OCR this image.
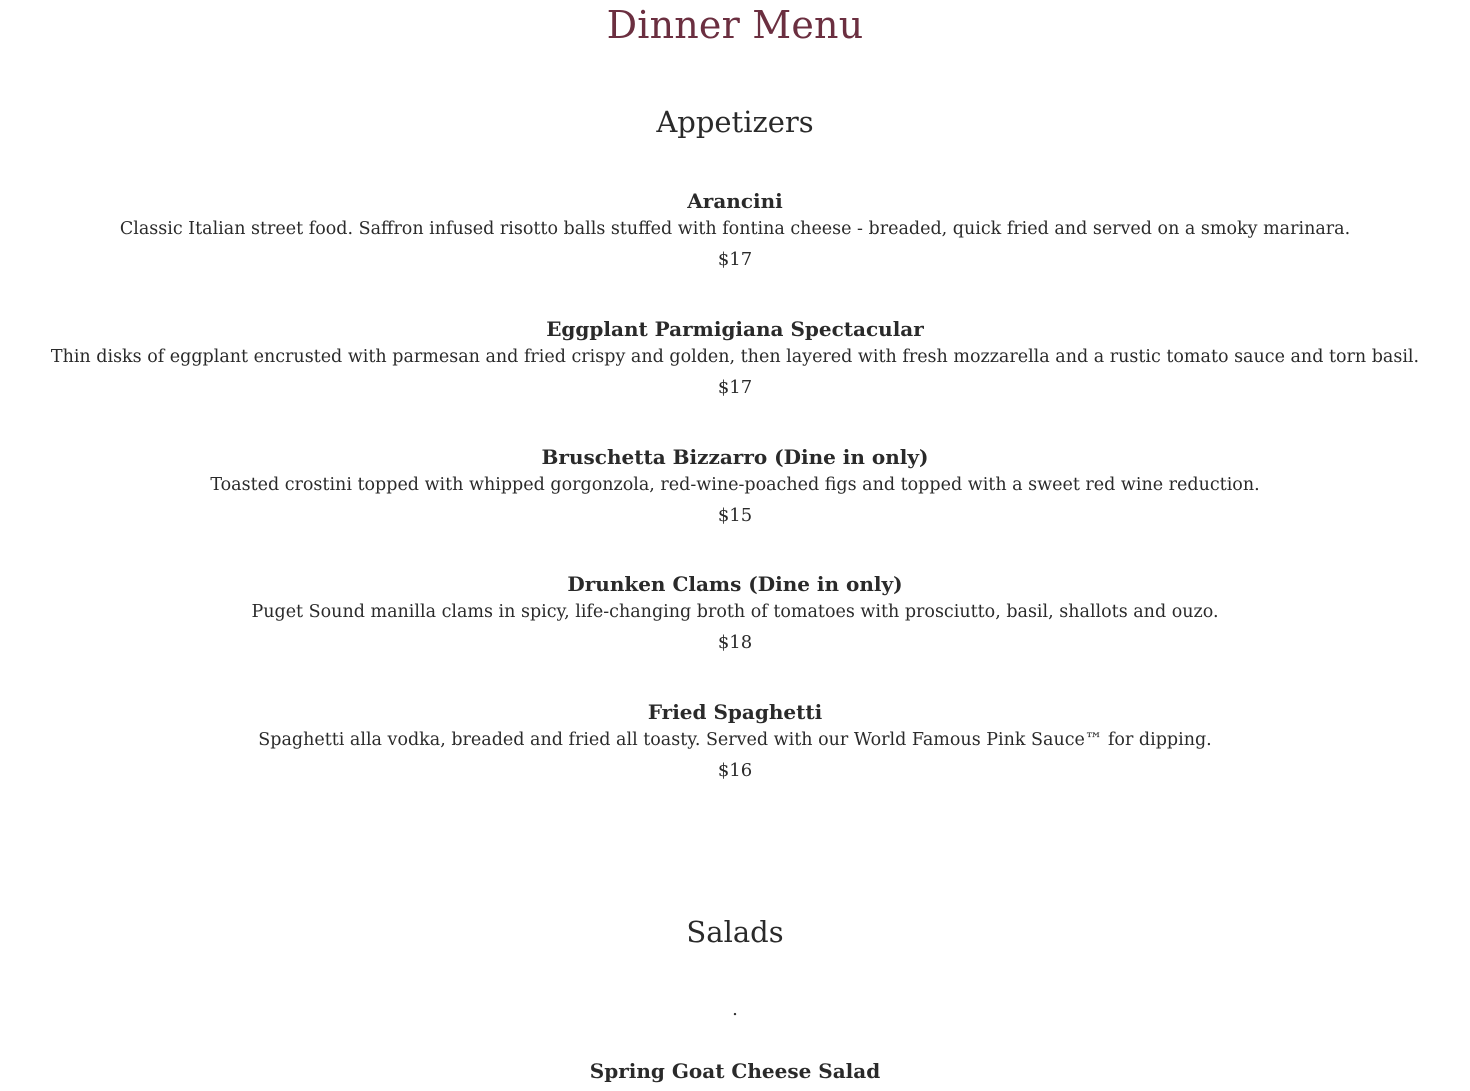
Dinner Menu
Appetizers
Arancini
Classic Italian street food. Saffron infused risotto balls stuffed with fontina cheese - breaded, quick fried and served on a smoky marinara.
$17
Eggplant Parmigiana Spectacular
Thin disks of eggplant encrusted with parmesan and fried crispy and golden, then layered with fresh mozzarella and a rustic tomato sauce and torn basil.
$17
Bruschetta Bizzarro (Dine in only)
Toasted crostini topped with whipped gorgonzola, red-wine-poached figs and topped with a sweet red wine reduction.
$15
Drunken Clams (Dine in only)
Puget Sound manilla clams in spicy, life-changing broth of tomatoes with prosciutto, basil, shallots and ouzo.
$18
Fried Spaghetti
Spaghetti alla vodka, breaded and fried all toasty. Served with our World Famous Pink Sauce™ for dipping.
$16
Salads
.
Spring Goat Cheese Salad
